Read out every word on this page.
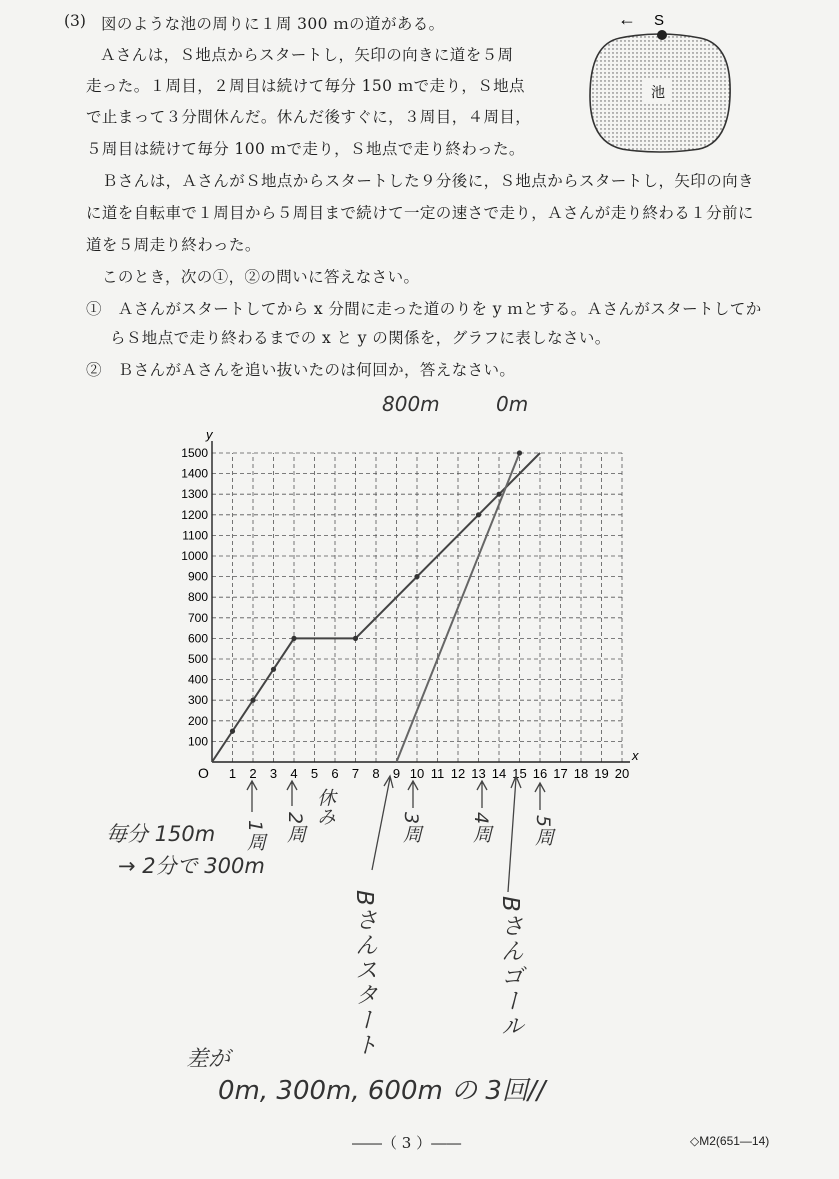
(3) 図のような池の周りに１周 300 ｍの道がある。
Ａさんは，Ｓ地点からスタートし，矢印の向きに道を５周
走った。１周目，２周目は続けて毎分 150 ｍで走り，Ｓ地点
で止まって３分間休んだ。休んだ後すぐに，３周目，４周目，
５周目は続けて毎分 100 ｍで走り，Ｓ地点で走り終わった。
Ｂさんは，ＡさんがＳ地点からスタートした９分後に，Ｓ地点からスタートし，矢印の向き
に道を自転車で１周目から５周目まで続けて一定の速さで走り，Ａさんが走り終わる１分前に
道を５周走り終わった。
このとき，次の①，②の問いに答えなさい。
①　Ａさんがスタートしてから x 分間に走った道のりを y ｍとする。Ａさんがスタートしてか
らＳ地点で走り終わるまでの x と y の関係を，グラフに表しなさい。
②　ＢさんがＡさんを追い抜いたのは何回か，答えなさい。
池
← S
x
y
O 1 2 3 4 5 6 7 8 9 10 11 12 13 14 15 16 17 18 19 20
100
200
300
400
500
600
700
800
900
1000
1100
1200
1300
1400
1500
800m	0m
毎分 150m
→ 2分で 300m
1周 2周
休み
3周	4周 5周
Bさんスタート	Bさんゴール
差が
0m, 300m, 600m の 3回//
――（ 3 ）――	◇M2(651―14)
